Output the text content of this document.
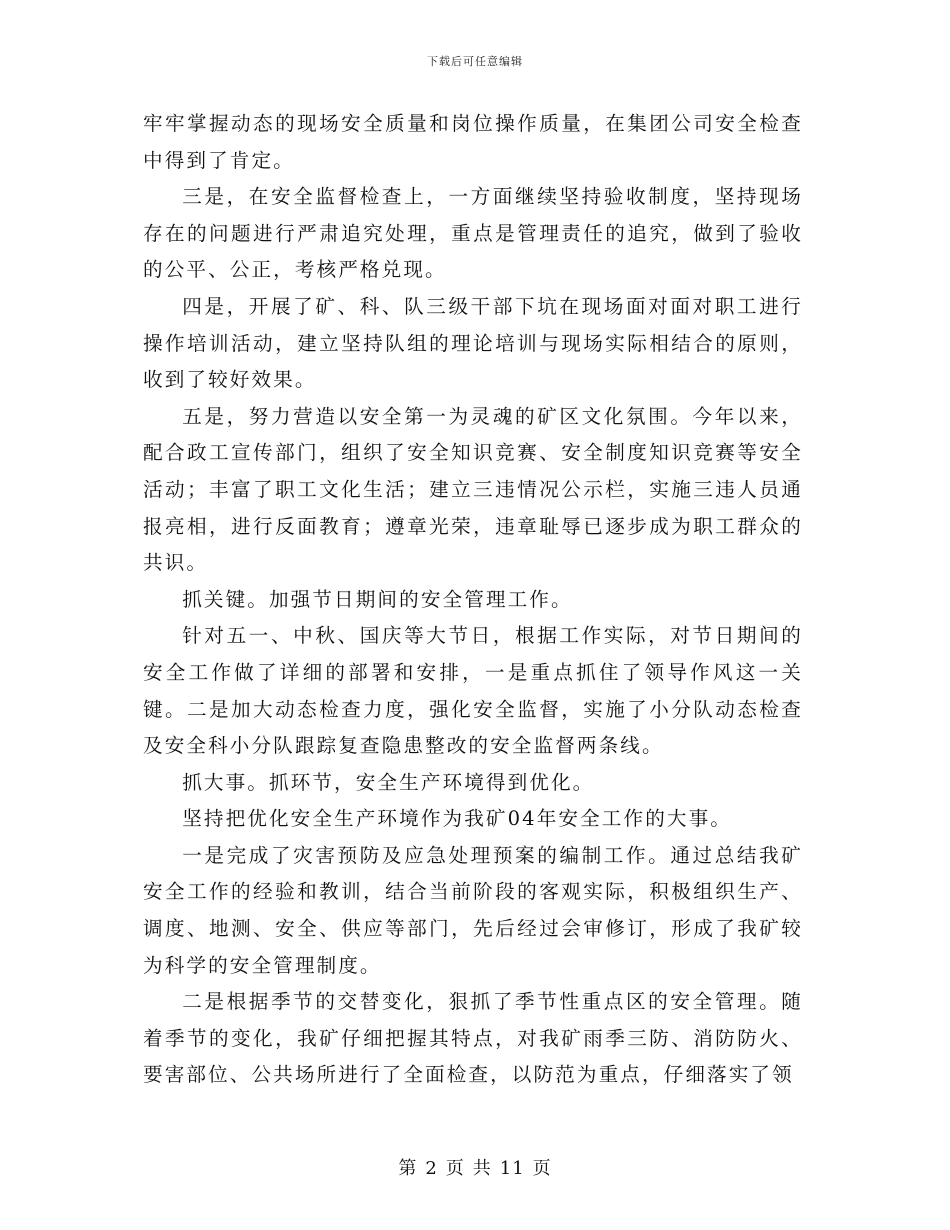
下载后可任意编辑

牢牢掌握动态的现场安全质量和岗位操作质量，在集团公司安全检查中得到了肯定。

三是，在安全监督检查上，一方面继续坚持验收制度，坚持现场存在的问题进行严肃追究处理，重点是管理责任的追究，做到了验收的公平、公正，考核严格兑现。

四是，开展了矿、科、队三级干部下坑在现场面对面对职工进行操作培训活动，建立坚持队组的理论培训与现场实际相结合的原则，收到了较好效果。

五是，努力营造以安全第一为灵魂的矿区文化氛围。今年以来，配合政工宣传部门，组织了安全知识竞赛、安全制度知识竞赛等安全活动；丰富了职工文化生活；建立三违情况公示栏，实施三违人员通报亮相，进行反面教育；遵章光荣，违章耻辱已逐步成为职工群众的共识。

抓关键。加强节日期间的安全管理工作。

针对五一、中秋、国庆等大节日，根据工作实际，对节日期间的安全工作做了详细的部署和安排，一是重点抓住了领导作风这一关键。二是加大动态检查力度，强化安全监督，实施了小分队动态检查及安全科小分队跟踪复查隐患整改的安全监督两条线。

抓大事。抓环节，安全生产环境得到优化。

坚持把优化安全生产环境作为我矿04年安全工作的大事。

一是完成了灾害预防及应急处理预案的编制工作。通过总结我矿安全工作的经验和教训，结合当前阶段的客观实际，积极组织生产、调度、地测、安全、供应等部门，先后经过会审修订，形成了我矿较为科学的安全管理制度。

二是根据季节的交替变化，狠抓了季节性重点区的安全管理。随着季节的变化，我矿仔细把握其特点，对我矿雨季三防、消防防火、要害部位、公共场所进行了全面检查，以防范为重点，仔细落实了领

第 2 页 共 11 页
